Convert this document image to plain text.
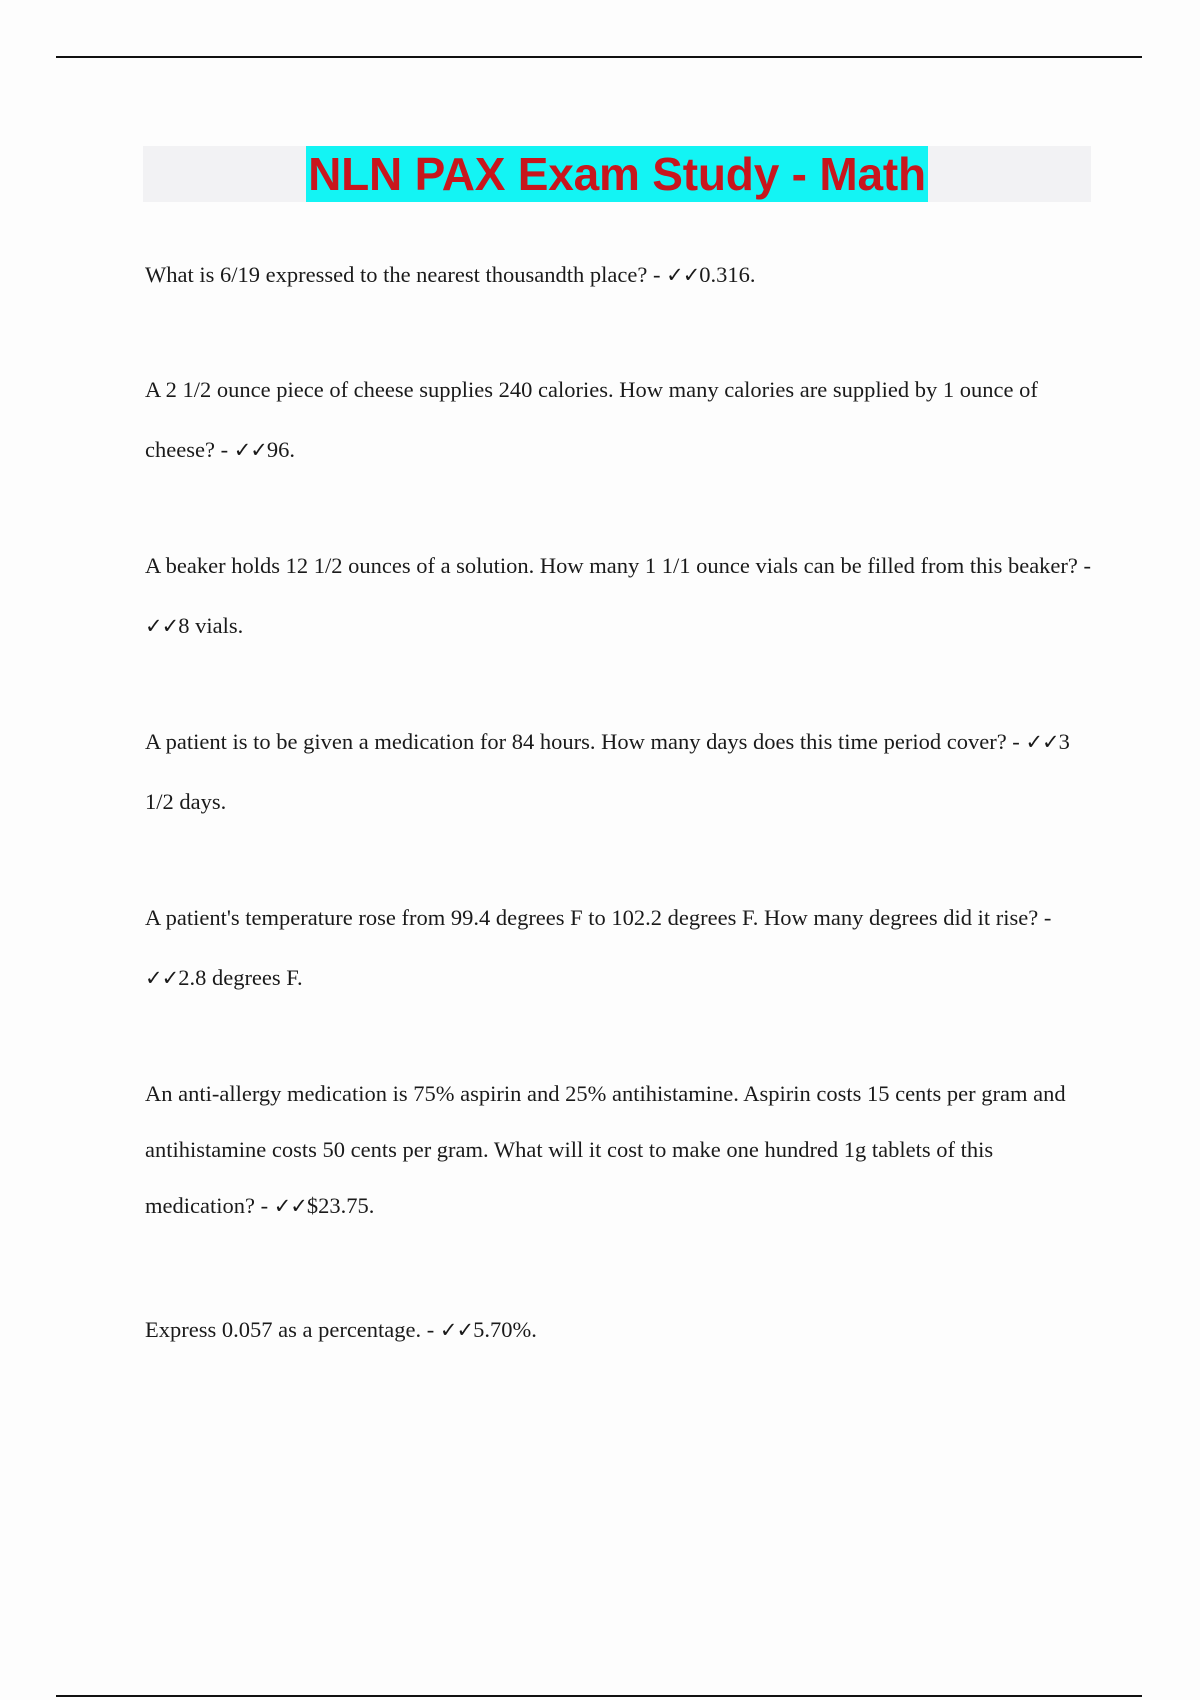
NLN PAX Exam Study - Math

What is 6/19 expressed to the nearest thousandth place? - ✓✓0.316.

A 2 1/2 ounce piece of cheese supplies 240 calories. How many calories are supplied by 1 ounce of cheese? - ✓✓96.

A beaker holds 12 1/2 ounces of a solution. How many 1 1/1 ounce vials can be filled from this beaker? - ✓✓8 vials.

A patient is to be given a medication for 84 hours. How many days does this time period cover? - ✓✓3 1/2 days.

A patient's temperature rose from 99.4 degrees F to 102.2 degrees F. How many degrees did it rise? - ✓✓2.8 degrees F.

An anti-allergy medication is 75% aspirin and 25% antihistamine. Aspirin costs 15 cents per gram and antihistamine costs 50 cents per gram. What will it cost to make one hundred 1g tablets of this medication? - ✓✓$23.75.

Express 0.057 as a percentage. - ✓✓5.70%.
